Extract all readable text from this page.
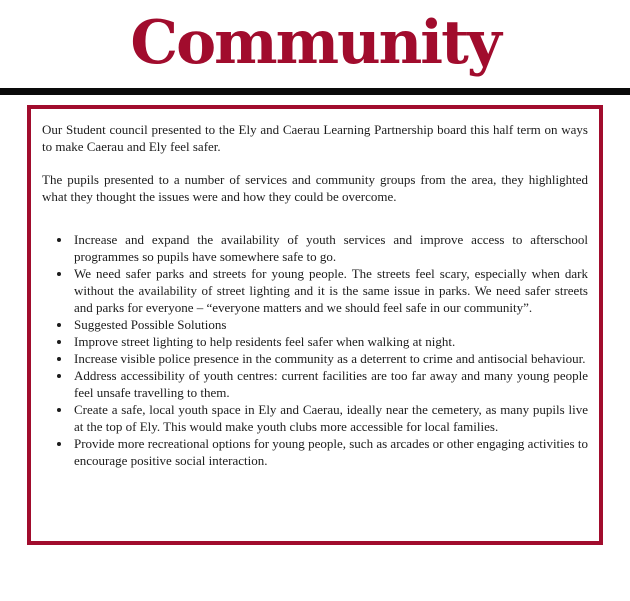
Community

Our Student council presented to the Ely and Caerau Learning Partnership board this half term on ways to make Caerau and Ely feel safer.

The pupils presented to a number of services and community groups from the area, they highlighted what they thought the issues were and how they could be overcome.

• Increase and expand the availability of youth services and improve access to afterschool programmes so pupils have somewhere safe to go.
• We need safer parks and streets for young people. The streets feel scary, especially when dark without the availability of street lighting and it is the same issue in parks. We need safer streets and parks for everyone – “everyone matters and we should feel safe in our community”.
• Suggested Possible Solutions
• Improve street lighting to help residents feel safer when walking at night.
• Increase visible police presence in the community as a deterrent to crime and antisocial behaviour.
• Address accessibility of youth centres: current facilities are too far away and many young people feel unsafe travelling to them.
• Create a safe, local youth space in Ely and Caerau, ideally near the cemetery, as many pupils live at the top of Ely. This would make youth clubs more accessible for local families.
• Provide more recreational options for young people, such as arcades or other engaging activities to encourage positive social interaction.
